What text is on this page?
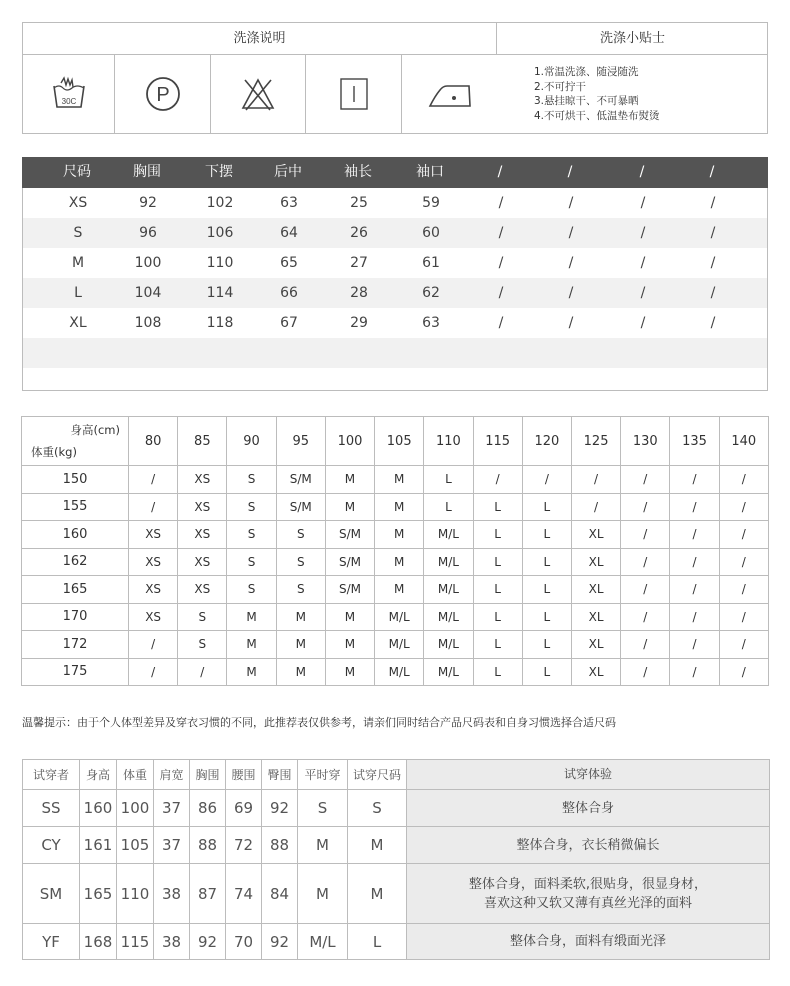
洗涤说明	洗涤小贴士
30C	P
1.常温洗涤、随浸随洗
2.不可拧干
3.悬挂晾干、不可暴晒
4.不可烘干、低温垫布熨烫
尺码	胸围	下摆	后中	袖长	袖口	/	/	/	/
XS	92	102	63	25	59	/	/	/	/
S	96	106	64	26	60	/	/	/	/
M	100	110	65	27	61	/	/	/	/
L	104	114	66	28	62	/	/	/	/
XL	108	118	67	29	63	/	/	/	/
身高(cm)
体重(kg)	80	85	90	95	100	105	110	115	120	125	130	135	140
150	/	XS	S	S/M	M	M	L	/	/	/	/	/	/
155	/	XS	S	S/M	M	M	L	L	L	/	/	/	/
160	XS	XS	S	S	S/M	M	M/L	L	L	XL	/	/	/
162	XS	XS	S	S	S/M	M	M/L	L	L	XL	/	/	/
165	XS	XS	S	S	S/M	M	M/L	L	L	XL	/	/	/
170	XS	S	M	M	M	M/L	M/L	L	L	XL	/	/	/
172	/	S	M	M	M	M/L	M/L	L	L	XL	/	/	/
175	/	/	M	M	M	M/L	M/L	L	L	XL	/	/	/
温馨提示：由于个人体型差异及穿衣习惯的不同，此推荐表仅供参考，请亲们同时结合产品尺码表和自身习惯选择合适尺码
试穿者	身高	体重	肩宽	胸围	腰围	臀围	平时穿	试穿尺码	试穿体验
SS	160	100	37	86	69	92	S	S	整体合身

CY	161	105	37	88	72	88	M	M	整体合身，衣长稍微偏长

SM	165	110	38	87	74	84	M	M	整体合身，面料柔软,很贴身，很显身材，
喜欢这种又软又薄有真丝光泽的面料

YF	168	115	38	92	70	92	M/L	L	整体合身，面料有缎面光泽
